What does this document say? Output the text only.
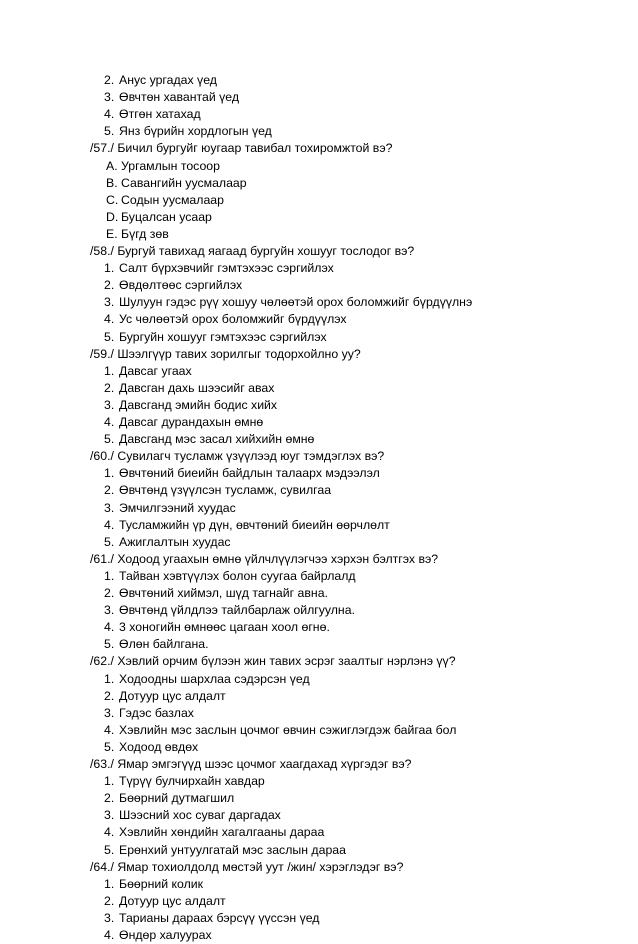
2. Анус ургадах үед
3. Өвчтөн хавантай үед
4. Өтгөн хатахад
5. Янз бүрийн хордлогын үед
/57./ Бичил бургуйг юугаар тавибал тохиромжтой вэ?
A. Ургамлын тосоор
B. Савангийн уусмалаар
C. Содын уусмалаар
D. Буцалсан усаар
E. Бүгд зөв
/58./ Бургуй тавихад яагаад бургуйн хошууг тослодог вэ?
1. Салт бүрхэвчийг гэмтэхээс сэргийлэх
2. Өвдөлтөөс сэргийлэх
3. Шулуун гэдэс рүү хошуу чөлөөтэй орох боломжийг бүрдүүлнэ
4. Ус чөлөөтэй орох боломжийг бүрдүүлэх
5. Бургуйн хошууг гэмтэхээс сэргийлэх
/59./ Шээлгүүр тавих зорилгыг тодорхойлно уу?
1. Давсаг угаах
2. Давсган дахь шээсийг авах
3. Давсганд эмийн бодис хийх
4. Давсаг дурандахын өмнө
5. Давсганд мэс засал хийхийн өмнө
/60./ Сувилагч тусламж үзүүлээд юуг тэмдэглэх вэ?
1. Өвчтөний биеийн байдлын талаарх мэдээлэл
2. Өвчтөнд үзүүлсэн тусламж, сувилгаа
3. Эмчилгээний хуудас
4. Тусламжийн үр дүн, өвчтөний биеийн өөрчлөлт
5. Ажиглалтын хуудас
/61./ Ходоод угаахын өмнө үйлчлүүлэгчээ хэрхэн бэлтгэх вэ?
1. Тайван хэвтүүлэх болон суугаа байрлалд
2. Өвчтөний хиймэл, шүд тагнайг авна.
3. Өвчтөнд үйлдлээ тайлбарлаж ойлгуулна.
4. 3 хоногийн өмнөөс цагаан хоол өгнө.
5. Өлөн байлгана.
/62./ Хэвлий орчим бүлээн жин тавих эсрэг заалтыг нэрлэнэ үү?
1. Ходоодны шархлаа сэдэрсэн үед
2. Дотуур цус алдалт
3. Гэдэс базлах
4. Хэвлийн мэс заслын цочмог өвчин сэжиглэгдэж байгаа бол
5. Ходоод өвдөх
/63./ Ямар эмгэгүүд шээс цочмог хаагдахад хүргэдэг вэ?
1. Түрүү булчирхайн хавдар
2. Бөөрний дутмагшил
3. Шээсний хос суваг даргадах
4. Хэвлийн хөндийн хагалгааны дараа
5. Ерөнхий унтуулгатай мэс заслын дараа
/64./ Ямар тохиолдолд мөстэй уут /жин/ хэрэглэдэг вэ?
1. Бөөрний колик
2. Дотуур цус алдалт
3. Тарианы дараах бэрсүү үүссэн үед
4. Өндөр халуурах
